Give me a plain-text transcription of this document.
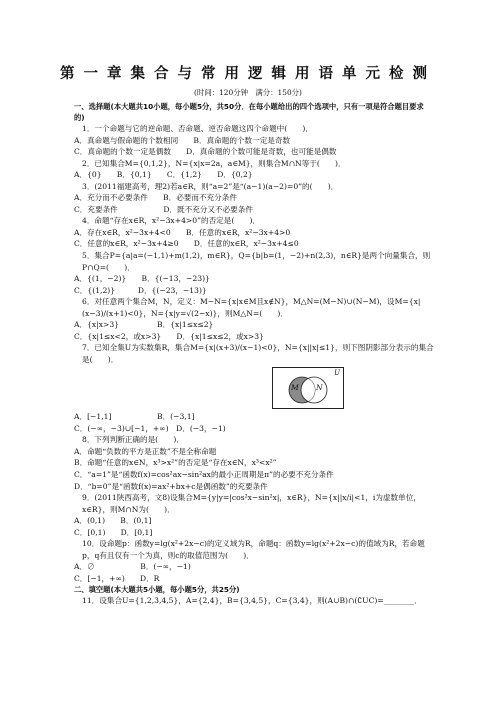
第一章集合与常用逻辑用语单元检测
(时间：120分钟　满分：150分)

一、选择题(本大题共10小题，每小题5分，共50分．在每小题给出的四个选项中，只有一项是符合题目要求的)

1．一个命题与它的逆命题、否命题、逆否命题这四个命题中(　　)．

A．真命题与假命题的个数相同　　B．真命题的个数一定是奇数

C．真命题的个数一定是偶数　　D．真命题的个数可能是奇数，也可能是偶数

2．已知集合M={0,1,2}，N={x|x=2a，a∈M}，则集合M∩N等于(　　)．

A．{0}　　B．{0,1}　　C．{1,2}　　D．{0,2}

3．(2011福建高考，理2)若a∈R，则“a=2”是“(a−1)(a−2)=0”的(　　)．

A．充分而不必要条件　　B．必要而不充分条件

C．充要条件　　　　　　D．既不充分又不必要条件

4．命题“存在x∈R，x²−3x+4>0”的否定是(　　)．

A．存在x∈R，x²−3x+4<0　　B．任意的x∈R，x²−3x+4>0

C．任意的x∈R，x²−3x+4≥0　　D．任意的x∈R，x²−3x+4≤0

5．集合P={a|a=(−1,1)+m(1,2)，m∈R}，Q={b|b=(1，−2)+n(2,3)，n∈R}是两个向量集合，则P∩Q=(　　)．

A．{(1，−2)}　　B．{(−13，−23)}

C．{(1,2)}　　　D．{(−23，−13)}

6．对任意两个集合M，N，定义：M−N={x|x∈M且x∉N}，M△N=(M−N)∪(N−M)，设M={x|(x−3)/(x+1)<0}，N={x|y=√(2−x)}，则M△N=(　　)．

A．{x|x>3}　　　　　B．{x|1≤x≤2}

C．{x|1≤x<2，或x>3}　　D．{x|1≤x≤2，或x>3}

7．已知全集U为实数集R，集合M={x|(x+3)/(x−1)<0}，N={x||x|≤1}，则下图阴影部分表示的集合是(　　)．

M N
U

A．[−1,1]　　　　　　B．(−3,1]

C．(−∞，−3)∪[−1，+∞)　D．(−3，−1)

8．下列判断正确的是(　　)．

A．命题“负数的平方是正数”不是全称命题

B．命题“任意的x∈N，x³>x²”的否定是“存在x∈N，x³<x²”

C．“a=1”是“函数f(x)=cos²ax−sin²ax的最小正周期是π”的必要不充分条件

D．“b=0”是“函数f(x)=ax²+bx+c是偶函数”的充要条件

9．(2011陕西高考，文8)设集合M={y|y=|cos²x−sin²x|，x∈R}，N={x||x/i|<1，i为虚数单位，x∈R}，则M∩N为(　　)．

A．(0,1)　　B．(0,1]

C．[0,1)　　D．[0,1]

10．设命题p：函数y=lg(x²+2x−c)的定义域为R，命题q：函数y=lg(x²+2x−c)的值域为R，若命题p，q有且仅有一个为真，则c的取值范围为(　　)．

A．∅　　　　　　B．(−∞，−1)

C．[−1，+∞)　　D．R

二、填空题(本大题共5小题，每小题5分，共25分)

11．设集合U={1,2,3,4,5}，A={2,4}，B={3,4,5}，C={3,4}，则(A∪B)∩(∁UC)=________．
